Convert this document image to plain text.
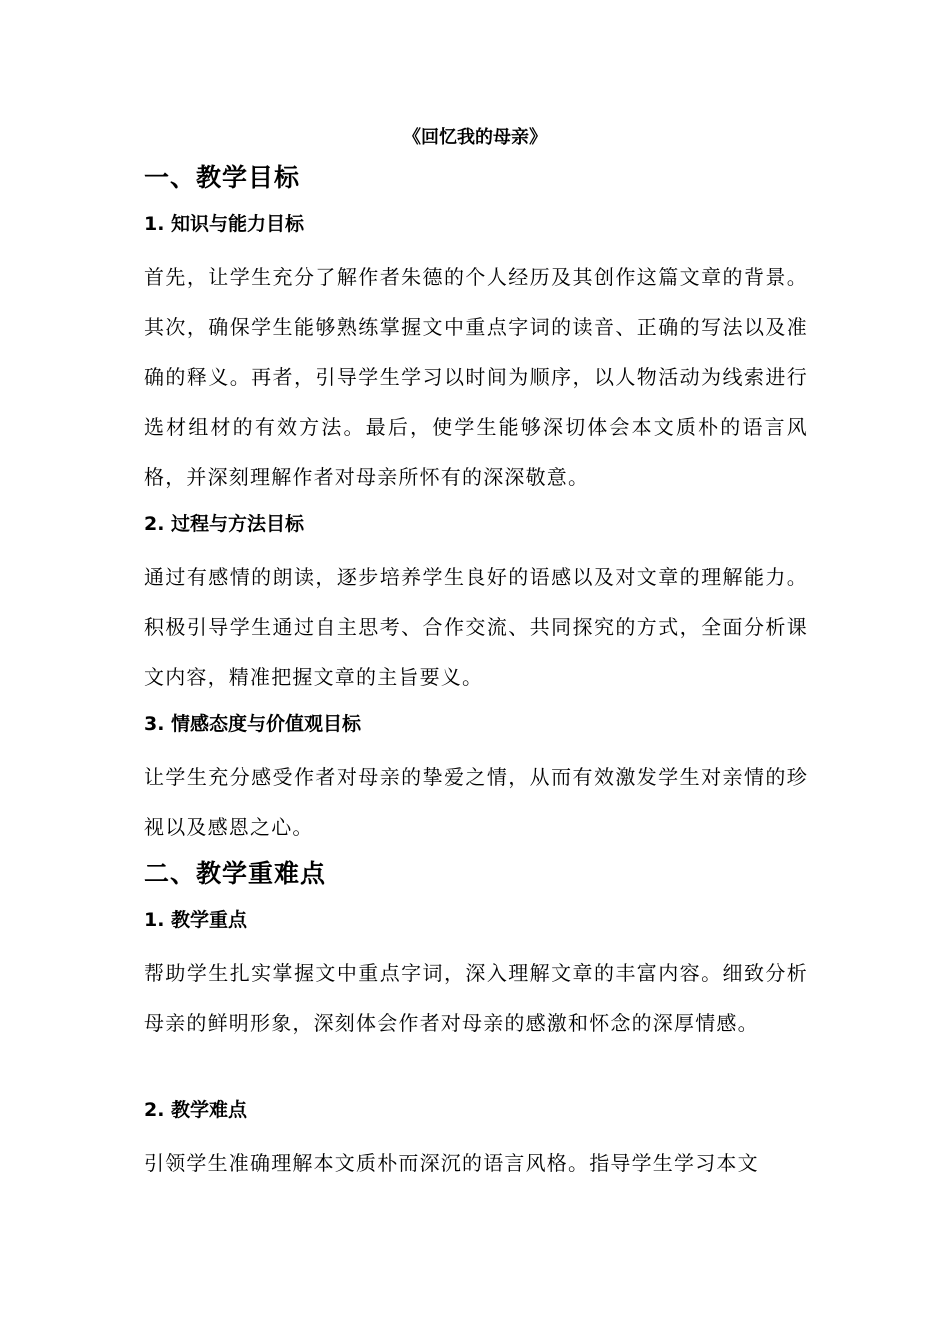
《回忆我的母亲》
一、教学目标
1. 知识与能力目标

首先，让学生充分了解作者朱德的个人经历及其创作这篇文章的背景。其次，确保学生能够熟练掌握文中重点字词的读音、正确的写法以及准确的释义。再者，引导学生学习以时间为顺序，以人物活动为线索进行选材组材的有效方法。最后，使学生能够深切体会本文质朴的语言风格，并深刻理解作者对母亲所怀有的深深敬意。

2. 过程与方法目标

通过有感情的朗读，逐步培养学生良好的语感以及对文章的理解能力。积极引导学生通过自主思考、合作交流、共同探究的方式，全面分析课文内容，精准把握文章的主旨要义。

3. 情感态度与价值观目标

让学生充分感受作者对母亲的挚爱之情，从而有效激发学生对亲情的珍视以及感恩之心。

二、教学重难点
1. 教学重点

帮助学生扎实掌握文中重点字词，深入理解文章的丰富内容。细致分析母亲的鲜明形象，深刻体会作者对母亲的感激和怀念的深厚情感。

2. 教学难点

引领学生准确理解本文质朴而深沉的语言风格。指导学生学习本文
